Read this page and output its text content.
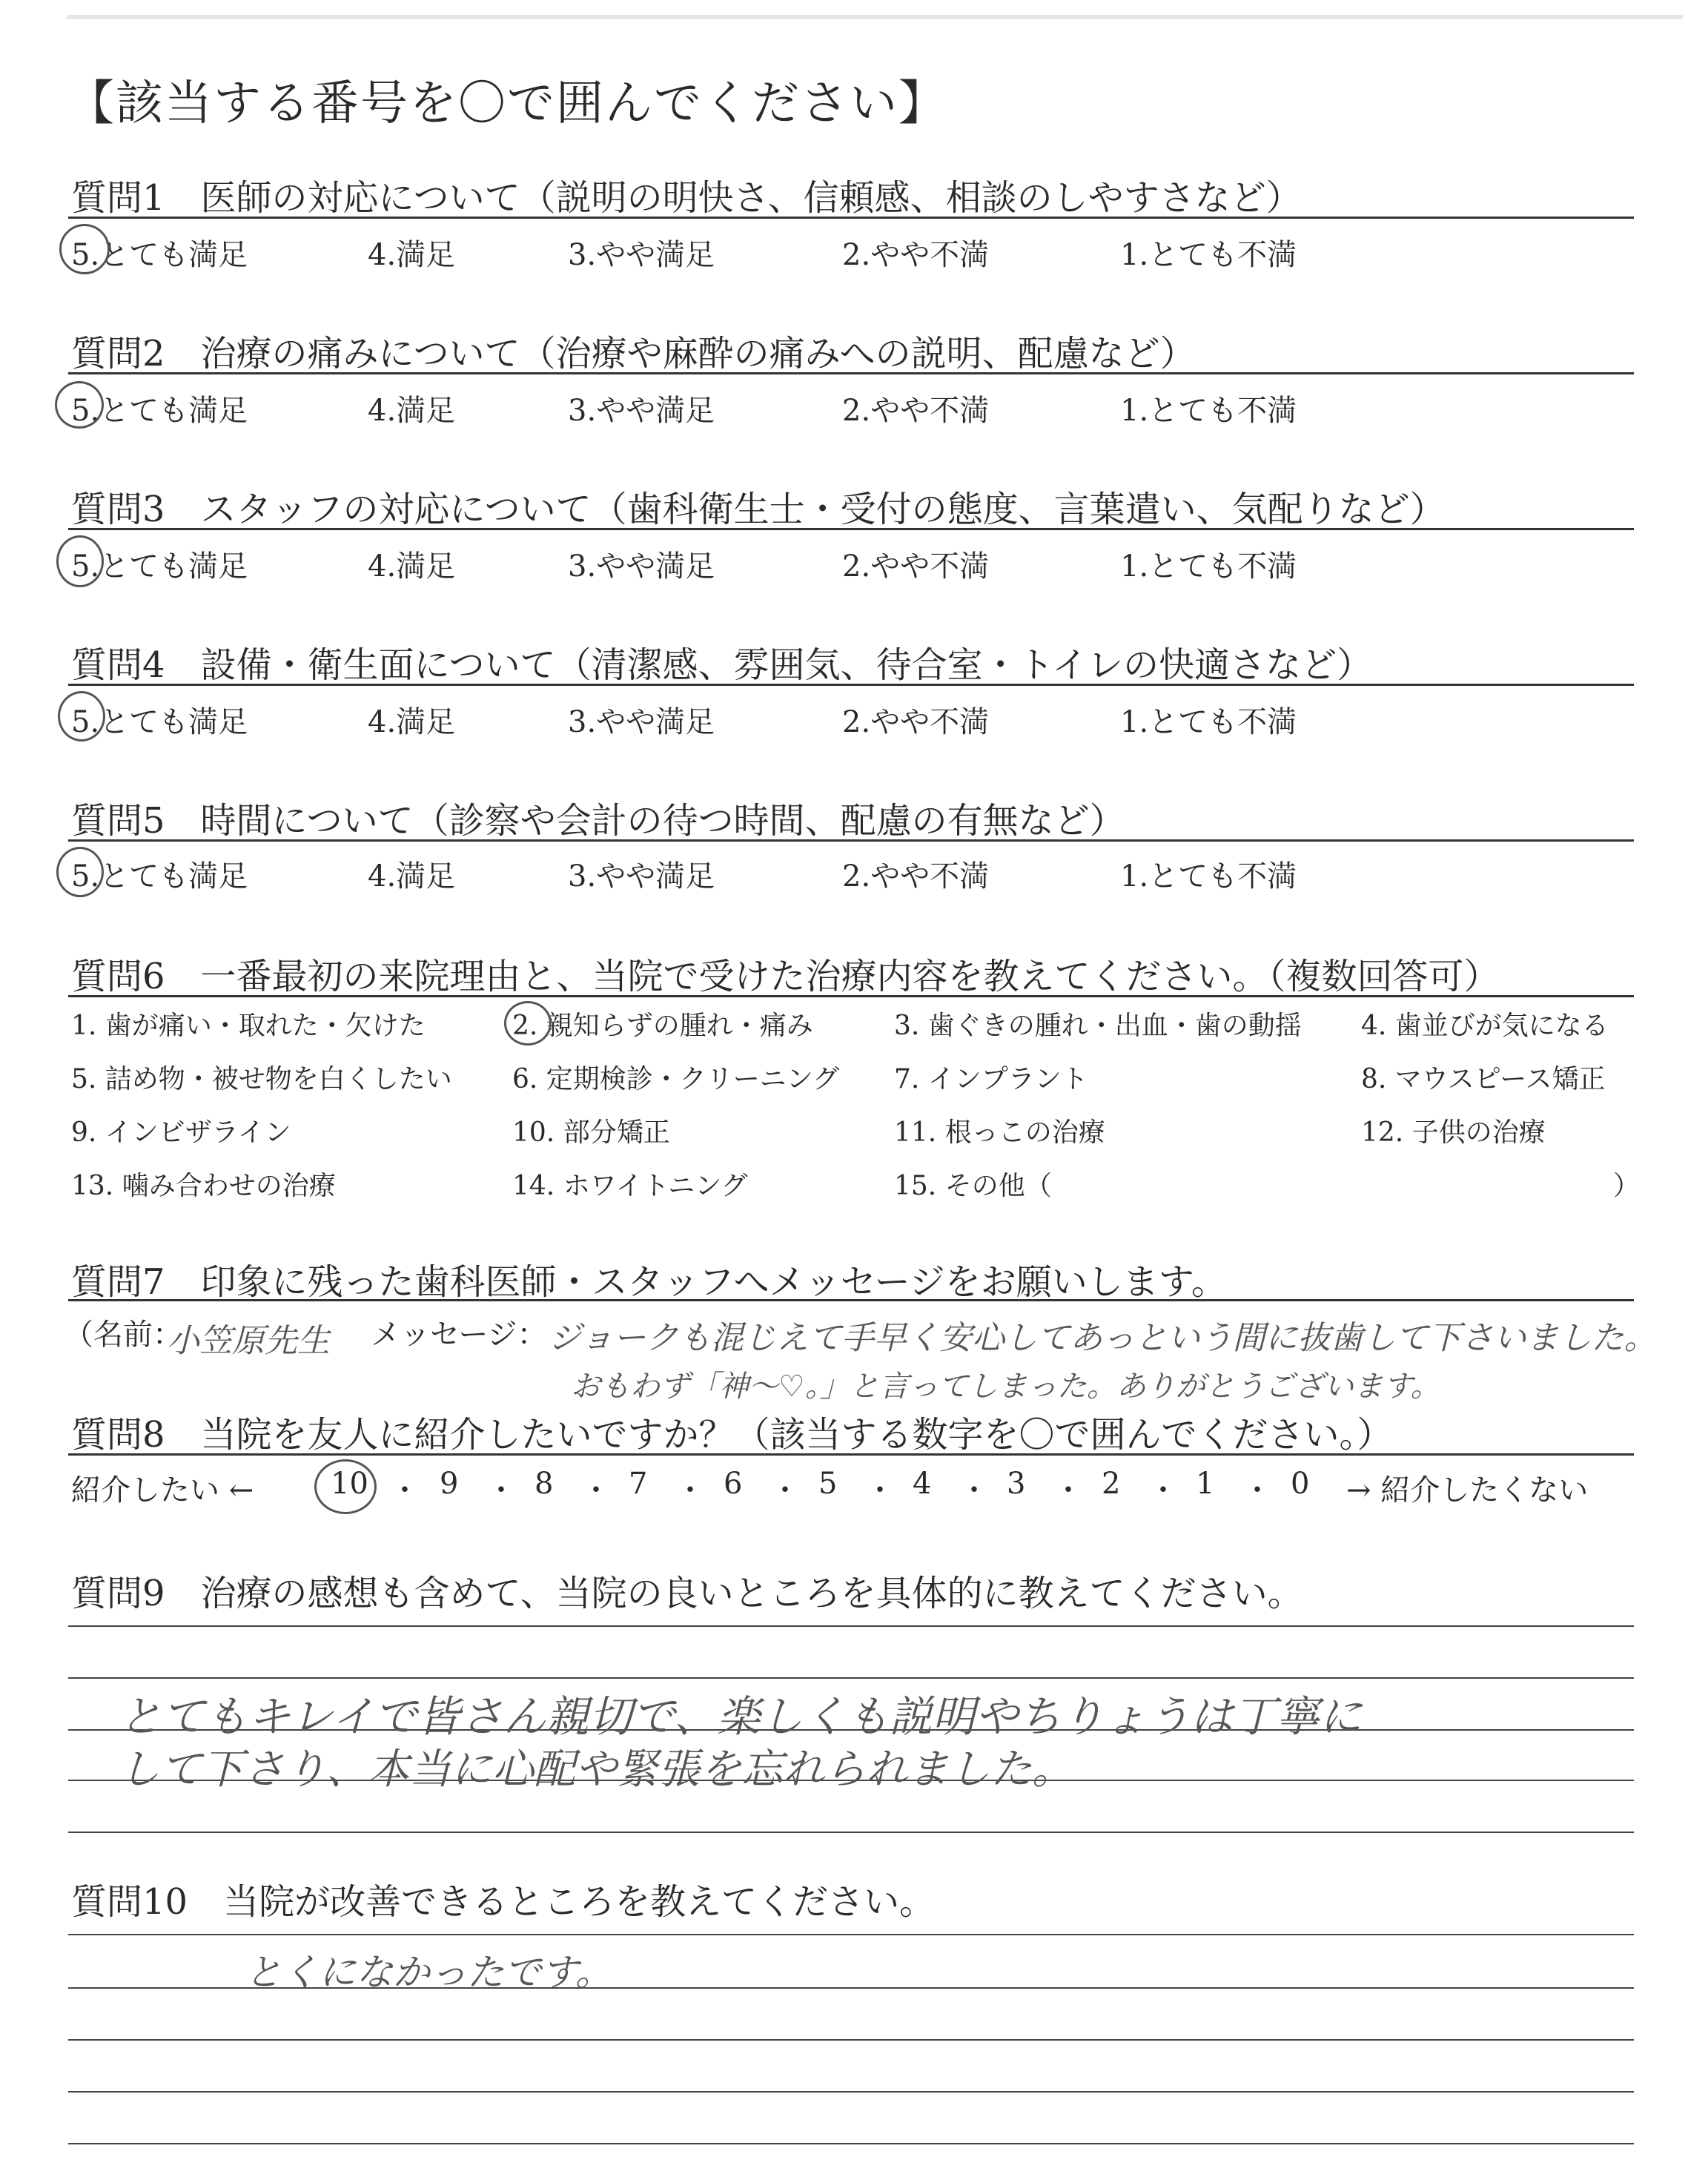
【該当する番号を〇で囲んでください】
質問1　医師の対応について（説明の明快さ、信頼感、相談のしやすさなど）
5.とても満足	4.満足	3.やや満足	2.やや不満	1.とても不満
質問2　治療の痛みについて（治療や麻酔の痛みへの説明、配慮など）
5.とても満足	4.満足	3.やや満足	2.やや不満	1.とても不満
質問3　スタッフの対応について（歯科衛生士・受付の態度、言葉遣い、気配りなど）
5.とても満足	4.満足	3.やや満足	2.やや不満	1.とても不満
質問4　設備・衛生面について（清潔感、雰囲気、待合室・トイレの快適さなど）
5.とても満足	4.満足	3.やや満足	2.やや不満	1.とても不満
質問5　時間について（診察や会計の待つ時間、配慮の有無など）
5.とても満足	4.満足	3.やや満足	2.やや不満	1.とても不満
質問6　一番最初の来院理由と、当院で受けた治療内容を教えてください。（複数回答可）
1. 歯が痛い・取れた・欠けた	2. 親知らずの腫れ・痛み	3. 歯ぐきの腫れ・出血・歯の動揺 4. 歯並びが気になる
5. 詰め物・被せ物を白くしたい 6. 定期検診・クリーニング 7. インプラント	8. マウスピース矯正
9. インビザライン	10. 部分矯正	11. 根っこの治療	12. 子供の治療
13. 噛み合わせの治療	14. ホワイトニング	15. その他（	）
質問7　印象に残った歯科医師・スタッフへメッセージをお願いします。
（名前：
小笠原先生 メッセージ： ジョークも混じえて手早く安心してあっという間に抜歯して下さいました。
おもわず「神〜♡。」と言ってしまった。ありがとうございます。
質問8　当院を友人に紹介したいですか？（該当する数字を〇で囲んでください。）
紹介したい ←	10 ・ 9 ・ 8 ・ 7 ・ 6 ・ 5 ・ 4 ・ 3 ・ 2 ・ 1 ・ 0 → 紹介したくない
質問9　治療の感想も含めて、当院の良いところを具体的に教えてください。
とてもキレイで皆さん親切で、楽しくも説明やちりょうは丁寧に
して下さり、本当に心配や緊張を忘れられました。
質問10　当院が改善できるところを教えてください。
とくになかったです。
